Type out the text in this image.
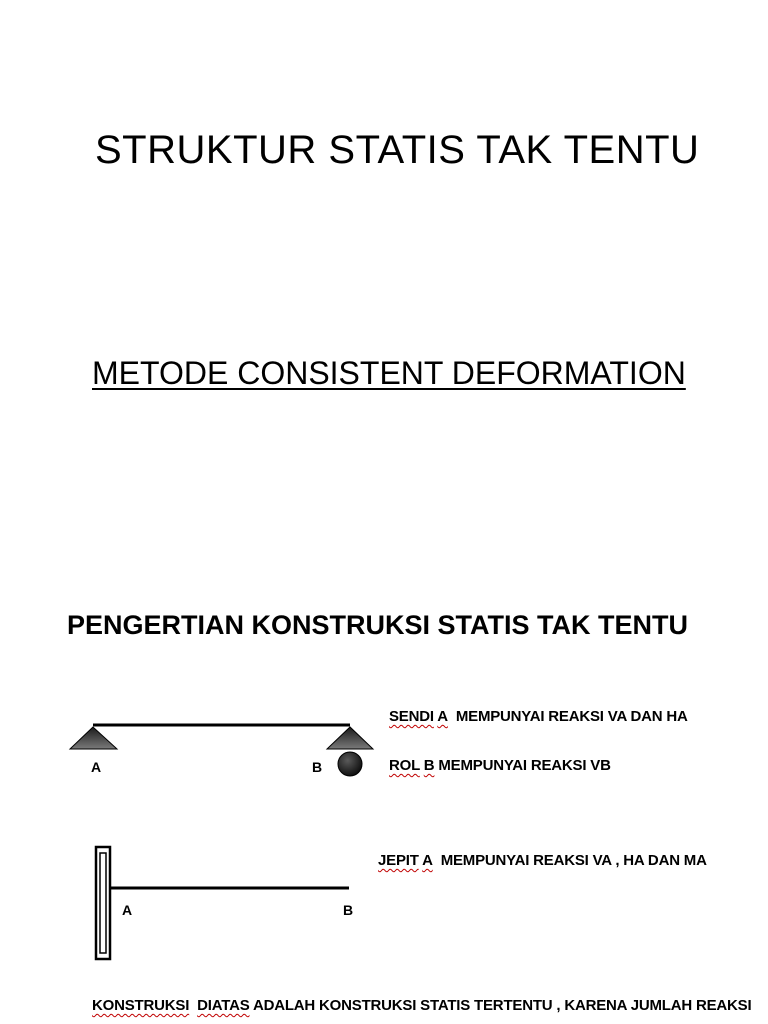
STRUKTUR STATIS TAK TENTU
METODE CONSISTENT DEFORMATION
PENGERTIAN KONSTRUKSI STATIS TAK TENTU
A	B
SENDI A MEMPUNYAI REAKSI VA DAN HA
ROL B MEMPUNYAI REAKSI VB
A	B
JEPIT A MEMPUNYAI REAKSI VA , HA DAN MA
KONSTRUKSI DIATAS ADALAH KONSTRUKSI STATIS TERTENTU , KARENA JUMLAH REAKSI
